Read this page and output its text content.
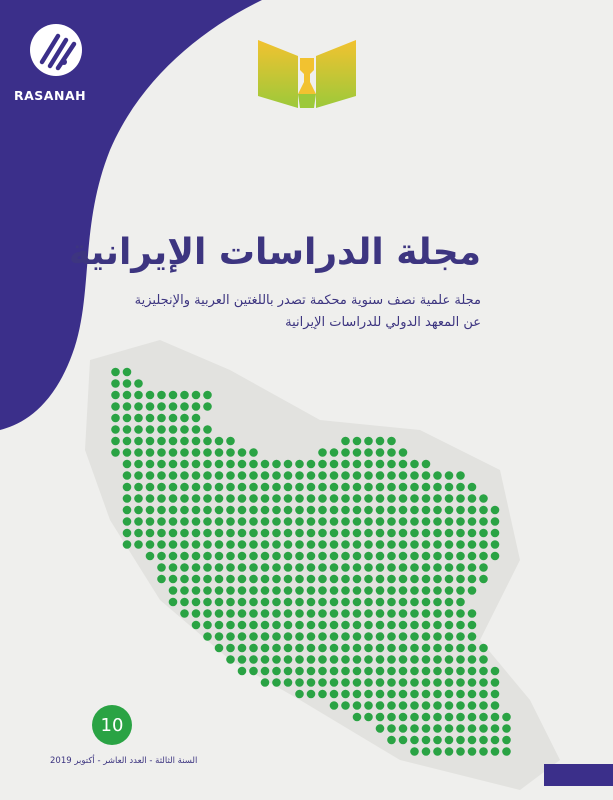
RASANAH
مجلة الدراسات الإيرانية
مجلة علمية نصف سنوية محكمة تصدر باللغتين العربية والإنجليزية
عن المعهد الدولي للدراسات الإيرانية
10
السنة الثالثة - العدد العاشر - أكتوبر 2019
